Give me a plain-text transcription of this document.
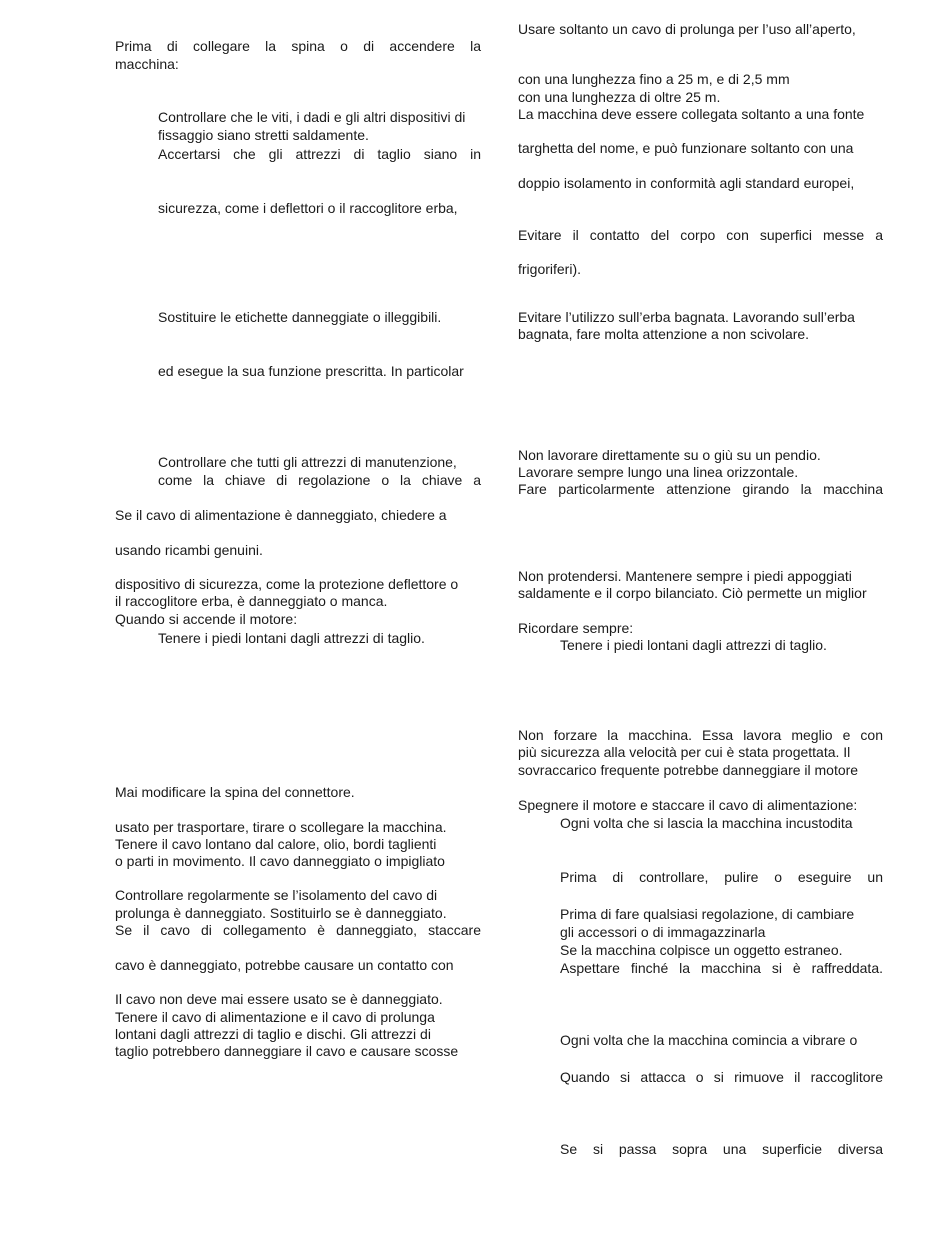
Prima di collegare la spina o di accendere la
macchina:
Controllare che le viti, i dadi e gli altri dispositivi di
fissaggio siano stretti saldamente.
Accertarsi che gli attrezzi di taglio siano in
sicurezza, come i deflettori o il raccoglitore erba,
Sostituire le etichette danneggiate o illeggibili.
ed esegue la sua funzione prescritta. In particolar
Controllare che tutti gli attrezzi di manutenzione,
come la chiave di regolazione o la chiave a
Se il cavo di alimentazione è danneggiato, chiedere a
usando ricambi genuini.
dispositivo di sicurezza, come la protezione deflettore o
il raccoglitore erba, è danneggiato o manca.
Quando si accende il motore:
Tenere i piedi lontani dagli attrezzi di taglio.
Mai modificare la spina del connettore.
usato per trasportare, tirare o scollegare la macchina.
Tenere il cavo lontano dal calore, olio, bordi taglienti
o parti in movimento. Il cavo danneggiato o impigliato
Controllare regolarmente se l’isolamento del cavo di
prolunga è danneggiato. Sostituirlo se è danneggiato.
Se il cavo di collegamento è danneggiato, staccare
cavo è danneggiato, potrebbe causare un contatto con
Il cavo non deve mai essere usato se è danneggiato.
Tenere il cavo di alimentazione e il cavo di prolunga
lontani dagli attrezzi di taglio e dischi. Gli attrezzi di
taglio potrebbero danneggiare il cavo e causare scosse
Usare soltanto un cavo di prolunga per l’uso all’aperto,
con una lunghezza fino a 25 m, e di 2,5 mm
con una lunghezza di oltre 25 m.
La macchina deve essere collegata soltanto a una fonte
targhetta del nome, e può funzionare soltanto con una
doppio isolamento in conformità agli standard europei,
Evitare il contatto del corpo con superfici messe a
frigoriferi).
Evitare l’utilizzo sull’erba bagnata. Lavorando sull’erba
bagnata, fare molta attenzione a non scivolare.
Non lavorare direttamente su o giù su un pendio.
Lavorare sempre lungo una linea orizzontale.
Fare particolarmente attenzione girando la macchina
Non protendersi. Mantenere sempre i piedi appoggiati
saldamente e il corpo bilanciato. Ciò permette un miglior
Ricordare sempre:
Tenere i piedi lontani dagli attrezzi di taglio.
Non forzare la macchina. Essa lavora meglio e con
più sicurezza alla velocità per cui è stata progettata. Il
sovraccarico frequente potrebbe danneggiare il motore
Spegnere il motore e staccare il cavo di alimentazione:
Ogni volta che si lascia la macchina incustodita
Prima di controllare, pulire o eseguire un
Prima di fare qualsiasi regolazione, di cambiare
gli accessori o di immagazzinarla
Se la macchina colpisce un oggetto estraneo.
Aspettare finché la macchina si è raffreddata.
Ogni volta che la macchina comincia a vibrare o
Quando si attacca o si rimuove il raccoglitore
Se si passa sopra una superficie diversa
